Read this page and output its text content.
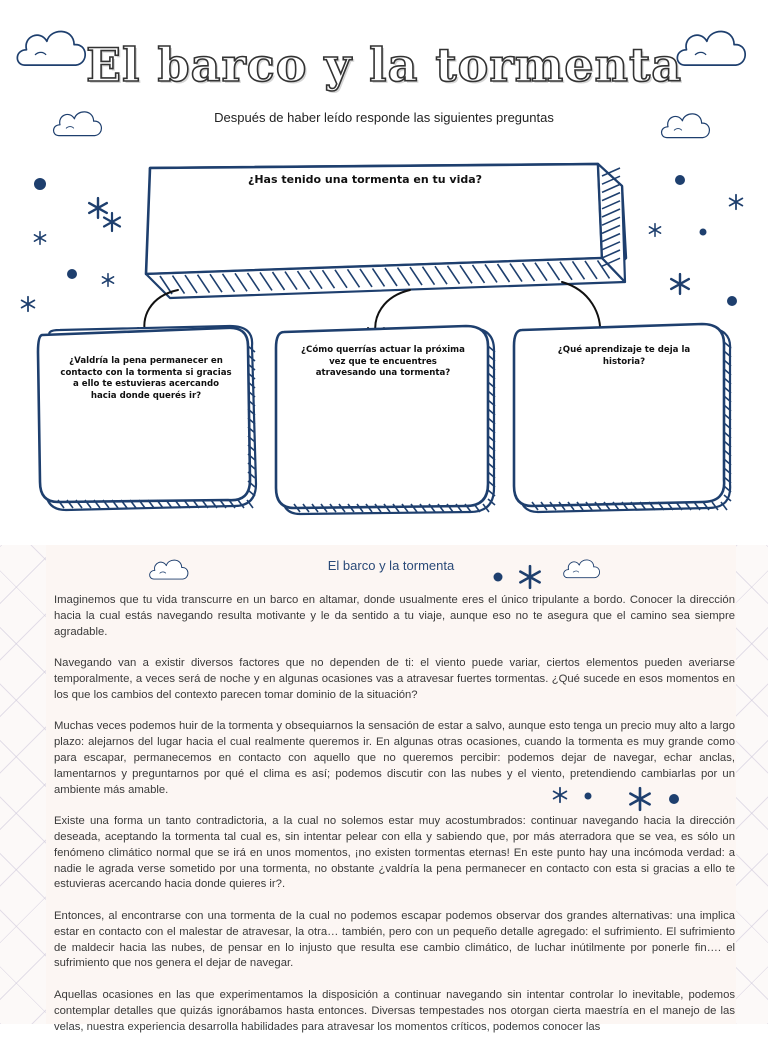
El barco y la tormenta
Después de haber leído responde las siguientes preguntas
¿Has tenido una tormenta en tu vida?
¿Valdría la pena permanecer en contacto con la tormenta si gracias a ello te estuvieras acercando hacia donde querés ir?
¿Cómo querrías actuar la próxima vez que te encuentres atravesando una tormenta?
¿Qué aprendizaje te deja la historia?
El barco y la tormenta

Imaginemos que tu vida transcurre en un barco en altamar, donde usualmente eres el único tripulante a bordo. Conocer la dirección hacia la cual estás navegando resulta motivante y le da sentido a tu viaje, aunque eso no te asegura que el camino sea siempre agradable.

Navegando van a existir diversos factores que no dependen de ti: el viento puede variar, ciertos elementos pueden averiarse temporalmente, a veces será de noche y en algunas ocasiones vas a atravesar fuertes tormentas. ¿Qué sucede en esos momentos en los que los cambios del contexto parecen tomar dominio de la situación?

Muchas veces podemos huir de la tormenta y obsequiarnos la sensación de estar a salvo, aunque esto tenga un precio muy alto a largo plazo: alejarnos del lugar hacia el cual realmente queremos ir. En algunas otras ocasiones, cuando la tormenta es muy grande como para escapar, permanecemos en contacto con aquello que no queremos percibir: podemos dejar de navegar, echar anclas, lamentarnos y preguntarnos por qué el clima es así; podemos discutir con las nubes y el viento, pretendiendo cambiarlas por un ambiente más amable.

Existe una forma un tanto contradictoria, a la cual no solemos estar muy acostumbrados: continuar navegando hacia la dirección deseada, aceptando la tormenta tal cual es, sin intentar pelear con ella y sabiendo que, por más aterradora que se vea, es sólo un fenómeno climático normal que se irá en unos momentos, ¡no existen tormentas eternas! En este punto hay una incómoda verdad: a nadie le agrada verse sometido por una tormenta, no obstante ¿valdría la pena permanecer en contacto con esta si gracias a ello te estuvieras acercando hacia donde quieres ir?.

Entonces, al encontrarse con una tormenta de la cual no podemos escapar podemos observar dos grandes alternativas: una implica estar en contacto con el malestar de atravesar, la otra… también, pero con un pequeño detalle agregado: el sufrimiento. El sufrimiento de maldecir hacia las nubes, de pensar en lo injusto que resulta ese cambio climático, de luchar inútilmente por ponerle fin…. el sufrimiento que nos genera el dejar de navegar.

Aquellas ocasiones en las que experimentamos la disposición a continuar navegando sin intentar controlar lo inevitable, podemos contemplar detalles que quizás ignorábamos hasta entonces. Diversas tempestades nos otorgan cierta maestría en el manejo de las velas, nuestra experiencia desarrolla habilidades para atravesar los momentos críticos, podemos conocer las
